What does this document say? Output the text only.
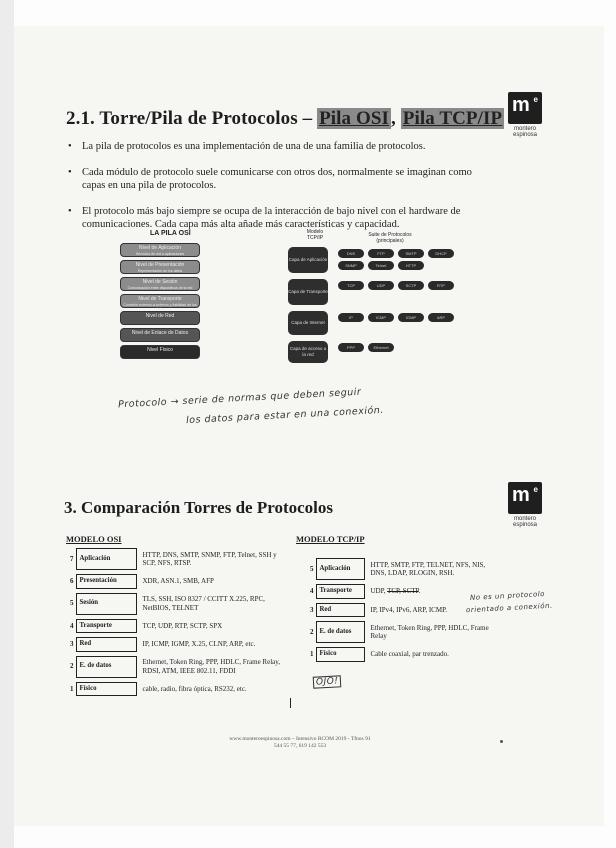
m e
montero
espinosa
2.1. Torre/Pila de Protocolos – Pila OSI , Pila TCP/IP
• La pila de protocolos es una implementación de una de una familia de protocolos.
• Cada módulo de protocolo suele comunicarse con otros dos, normalmente se imaginan como capas en una pila de protocolos.
• El protocolo más bajo siempre se ocupa de la interacción de bajo nivel con el hardware de comunicaciones. Cada capa más alta añade más características y capacidad.
LA PILA OSI
Nivel de Aplicación
Servicios de red a aplicaciones
Nivel de Presentación
Representación de los datos
Nivel de Sesión
Comunicación entre dispositivos de la red
Nivel de Transporte
Conexión extremo-a-extremo y fiabilidad de los datos
Nivel de Red
Nivel de Enlace de Datos
Nivel Físico
Modelo TCP/IP	Suite de Protocolos (principales)
Capa de Aplicación
DNS	FTP	SMTP	DHCP
SNMP	Telnet	HTTP
Capa de Transporte
TCP	UDP	SCTP	RTP
Capa de Internet
IP	ICMP	IGMP	ARP
Capa de acceso a la red
PPP	Ethernet
Protocolo → serie de normas que deben seguir
los datos para estar en una conexión.
m e
montero
espinosa
3. Comparación Torres de Protocolos
MODELO OSI	MODELO TCP/IP
7	Aplicación	HTTP, DNS, SMTP, SNMP, FTP, Telnet, SSH y SCP, NFS, RTSP.

6	Presentación	XDR, ASN.1, SMB, AFP

5	Sesión	TLS, SSH, ISO 8327 / CCITT X.225, RPC, NetBIOS, TELNET

4	Transporte	TCP, UDP, RTP, SCTP, SPX

3	Red	IP, ICMP, IGMP, X.25, CLNP, ARP, etc.

2	E. de datos	Ethernet, Token Ring, PPP, HDLC, Frame Relay, RDSI, ATM, IEEE 802.11, FDDI

1	Físico	cable, radio, fibra óptica, RS232, etc.
5	Aplicación	HTTP, SMTP, FTP, TELNET, NFS, NIS, DNS, LDAP, RLOGIN, RSH.

4	Transporte	UDP, TCP, SCTP.

3	Red	IP, IPv4, IPv6, ARP, ICMP.

2	E. de datos	Ethernet, Token Ring, PPP, HDLC, Frame Relay

1	Físico	Cable coaxial, par trenzado.
No es un protocolo
orientado a conexión.
OJO!
www.monteroespinosa.com – Intensivo RCOM 2019 - Tfnos 91
544 55 77, 619 142 553
